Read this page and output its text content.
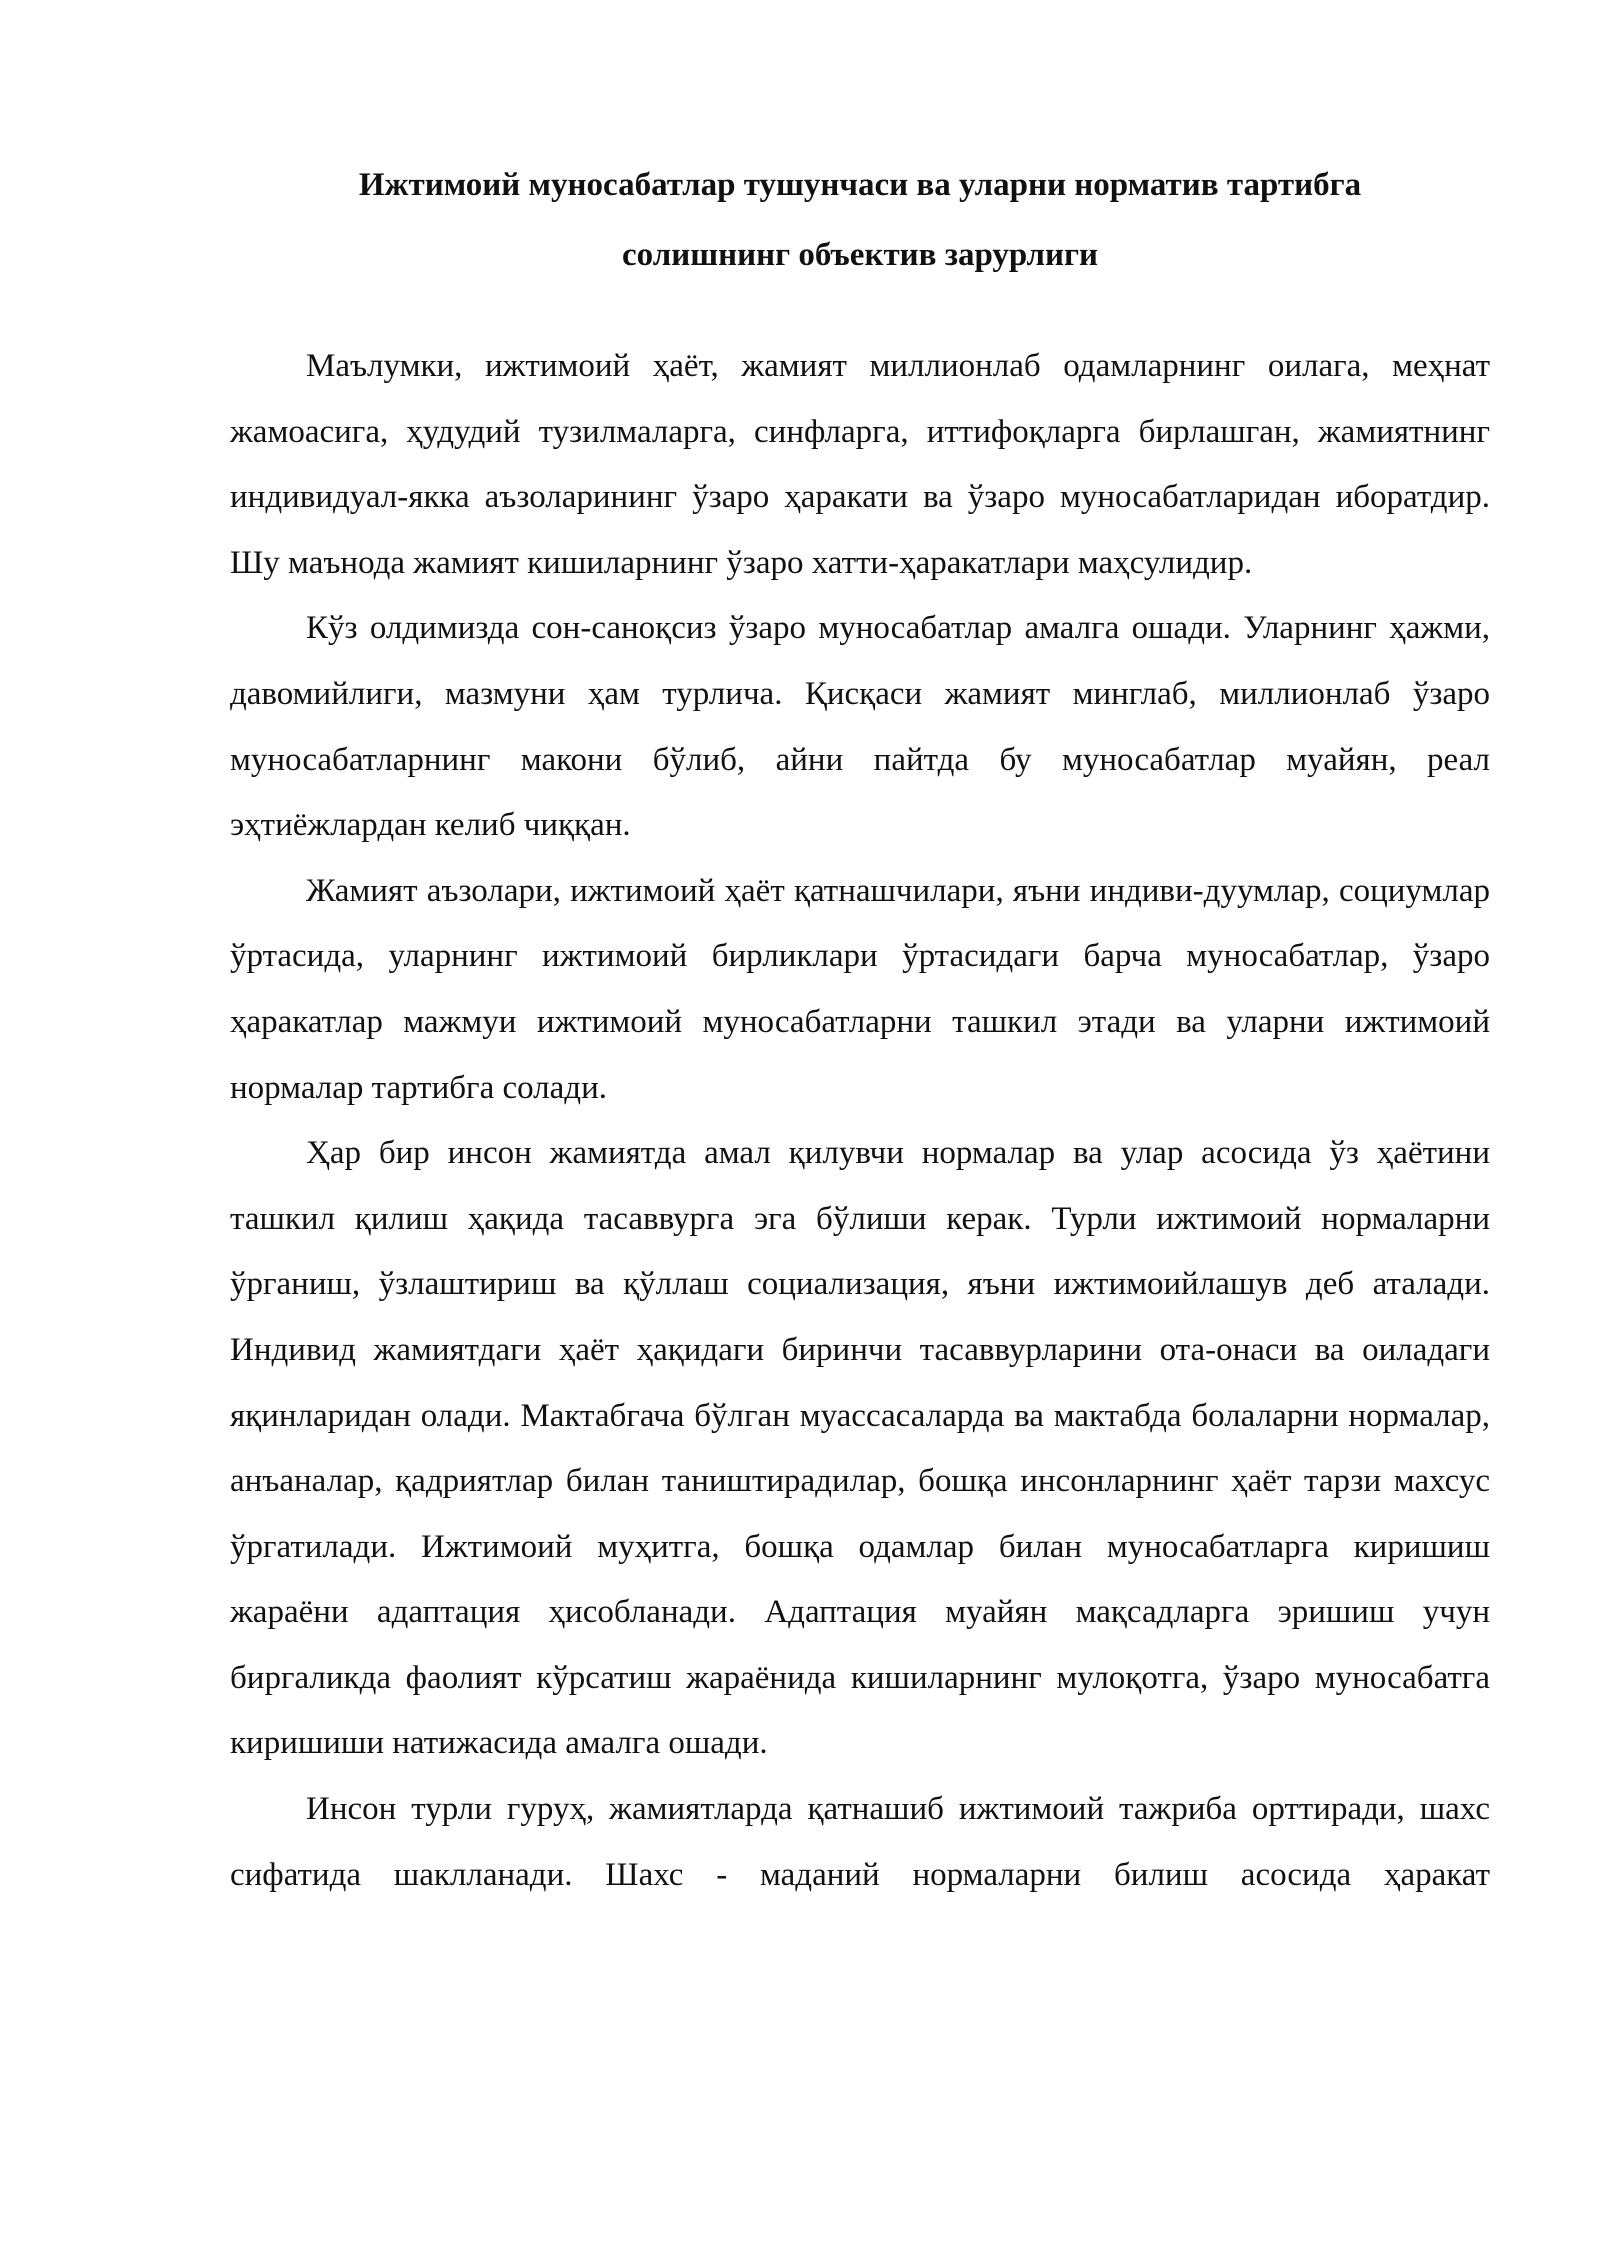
Ижтимоий муносабатлар тушунчаси ва уларни норматив тартибга
солишнинг объектив зарурлиги

Маълумки, ижтимоий ҳаёт, жамият миллионлаб одамларнинг оилага, меҳнат жамоасига, ҳудудий тузилмаларга, синфларга, иттифоқларга бирлашган, жамиятнинг индивидуал-якка аъзоларининг ўзаро ҳаракати ва ўзаро муносабатларидан иборатдир. Шу маънода жамият кишиларнинг ўзаро хатти-ҳаракатлари маҳсулидир.

Кўз олдимизда сон-саноқсиз ўзаро муносабатлар амалга ошади. Уларнинг ҳажми, давомийлиги, мазмуни ҳам турлича. Қисқаси жамият минглаб, миллионлаб ўзаро муносабатларнинг макони бўлиб, айни пайтда бу муносабатлар муайян, реал эҳтиёжлардан келиб чиққан.

Жамият аъзолари, ижтимоий ҳаёт қатнашчилари, яъни индиви-дуумлар, социумлар ўртасида, уларнинг ижтимоий бирликлари ўртасидаги барча муносабатлар, ўзаро ҳаракатлар мажмуи ижтимоий муносабатларни ташкил этади ва уларни ижтимоий нормалар тартибга солади.

Ҳар бир инсон жамиятда амал қилувчи нормалар ва улар асосида ўз ҳаётини ташкил қилиш ҳақида тасаввурга эга бўлиши керак. Турли ижтимоий нормаларни ўрганиш, ўзлаштириш ва қўллаш социализация, яъни ижтимоийлашув деб аталади. Индивид жамиятдаги ҳаёт ҳақидаги биринчи тасаввурларини ота-онаси ва оиладаги яқинларидан олади. Мактабгача бўлган муассасаларда ва мактабда болаларни нормалар, анъаналар, қадриятлар билан таништирадилар, бошқа инсонларнинг ҳаёт тарзи махсус ўргатилади. Ижтимоий муҳитга, бошқа одамлар билан муносабатларга киришиш жараёни адаптация ҳисобланади. Адаптация муайян мақсадларга эришиш учун биргаликда фаолият кўрсатиш жараёнида кишиларнинг мулоқотга, ўзаро муносабатга киришиши натижасида амалга ошади.

Инсон турли гуруҳ, жамиятларда қатнашиб ижтимоий тажриба орттиради, шахс сифатида шаклланади. Шахс - маданий нормаларни билиш асосида ҳаракат
